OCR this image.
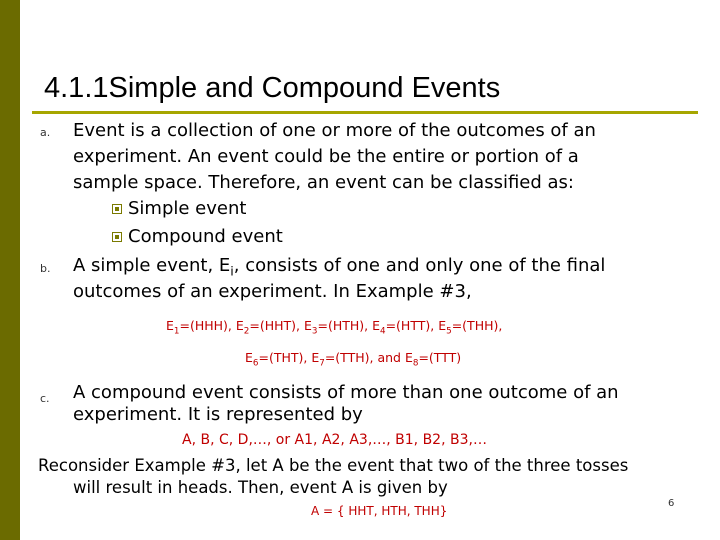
4.1.1Simple and Compound Events
a. Event is a collection of one or more of the outcomes of an
experiment. An event could be the entire or portion of a
sample space. Therefore, an event can be classified as:
Simple event
Compound event
b. A simple event, $E_i$, consists of one and only one of the final
outcomes of an experiment. In Example #3,
$E_1=(HHH)$, $E_2=(HHT)$, $E_3=(HTH)$, $E_4=(HTT)$, $E_5=(THH)$,
$E_6=(THT)$, $E_7=(TTH)$, and $E_8=(TTT)$
c. A compound event consists of more than one outcome of an
experiment. It is represented by
A, B, C, D,…, or A1, A2, A3,…, B1, B2, B3,…
Reconsider Example #3, let A be the event that two of the three tosses
will result in heads. Then, event A is given by
A = { HHT, HTH, THH}
6
